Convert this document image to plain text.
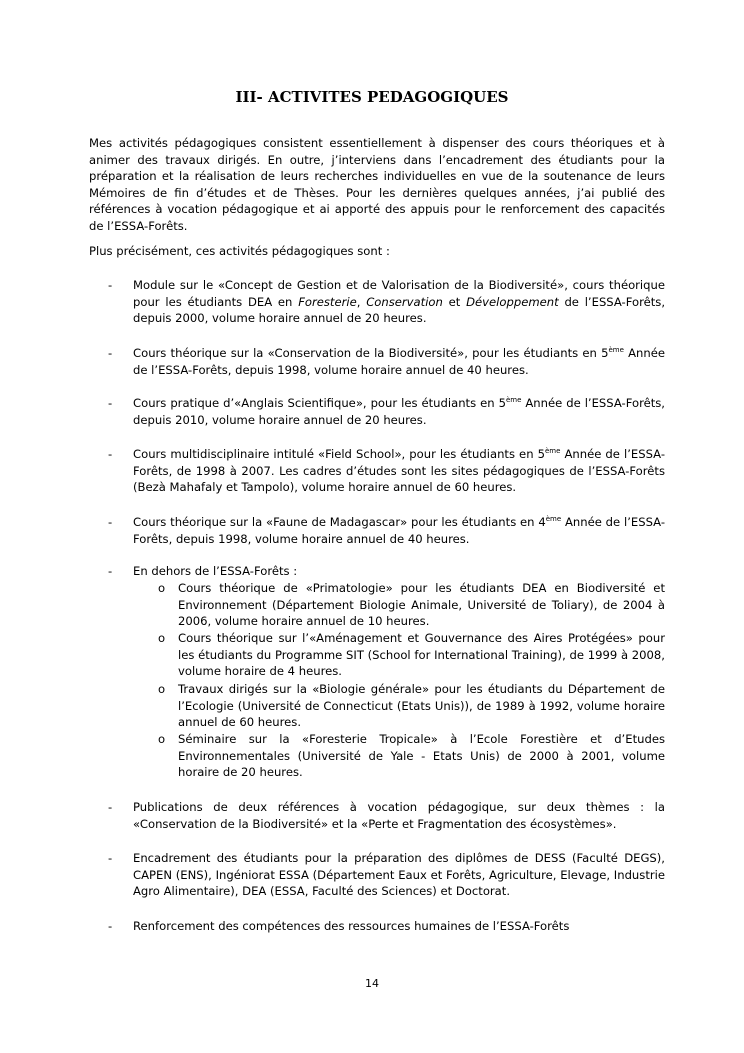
III- ACTIVITES PEDAGOGIQUES

Mes activités pédagogiques consistent essentiellement à dispenser des cours théoriques et à animer des travaux dirigés. En outre, j’interviens dans l’encadrement des étudiants pour la préparation et la réalisation de leurs recherches individuelles en vue de la soutenance de leurs Mémoires de fin d’études et de Thèses. Pour les dernières quelques années, j’ai publié des références à vocation pédagogique et ai apporté des appuis pour le renforcement des capacités de l’ESSA-Forêts.

Plus précisément, ces activités pédagogiques sont :

- Module sur le «Concept de Gestion et de Valorisation de la Biodiversité», cours théorique pour les étudiants DEA en Foresterie, Conservation et Développement de l’ESSA-Forêts, depuis 2000, volume horaire annuel de 20 heures.
- Cours théorique sur la «Conservation de la Biodiversité», pour les étudiants en 5ème Année de l’ESSA-Forêts, depuis 1998, volume horaire annuel de 40 heures.
- Cours pratique d’«Anglais Scientifique», pour les étudiants en 5ème Année de l’ESSA-Forêts, depuis 2010, volume horaire annuel de 20 heures.
- Cours multidisciplinaire intitulé «Field School», pour les étudiants en 5ème Année de l’ESSA-Forêts, de 1998 à 2007. Les cadres d’études sont les sites pédagogiques de l’ESSA-Forêts (Bezà Mahafaly et Tampolo), volume horaire annuel de 60 heures.
- Cours théorique sur la «Faune de Madagascar» pour les étudiants en 4ème Année de l’ESSA-Forêts, depuis 1998, volume horaire annuel de 40 heures.
- En dehors de l’ESSA-Forêts :
o Cours théorique de «Primatologie» pour les étudiants DEA en Biodiversité et Environnement (Département Biologie Animale, Université de Toliary), de 2004 à 2006, volume horaire annuel de 10 heures.
o Cours théorique sur l’«Aménagement et Gouvernance des Aires Protégées» pour les étudiants du Programme SIT (School for International Training), de 1999 à 2008, volume horaire de 4 heures.
o Travaux dirigés sur la «Biologie générale» pour les étudiants du Département de l’Ecologie (Université de Connecticut (Etats Unis)), de 1989 à 1992, volume horaire annuel de 60 heures.
o Séminaire sur la «Foresterie Tropicale» à l’Ecole Forestière et d’Etudes Environnementales (Université de Yale - Etats Unis) de 2000 à 2001, volume horaire de 20 heures.
- Publications de deux références à vocation pédagogique, sur deux thèmes : la «Conservation de la Biodiversité» et la «Perte et Fragmentation des écosystèmes».
- Encadrement des étudiants pour la préparation des diplômes de DESS (Faculté DEGS), CAPEN (ENS), Ingéniorat ESSA (Département Eaux et Forêts, Agriculture, Elevage, Industrie Agro Alimentaire), DEA (ESSA, Faculté des Sciences) et Doctorat.
- Renforcement des compétences des ressources humaines de l’ESSA-Forêts
14
